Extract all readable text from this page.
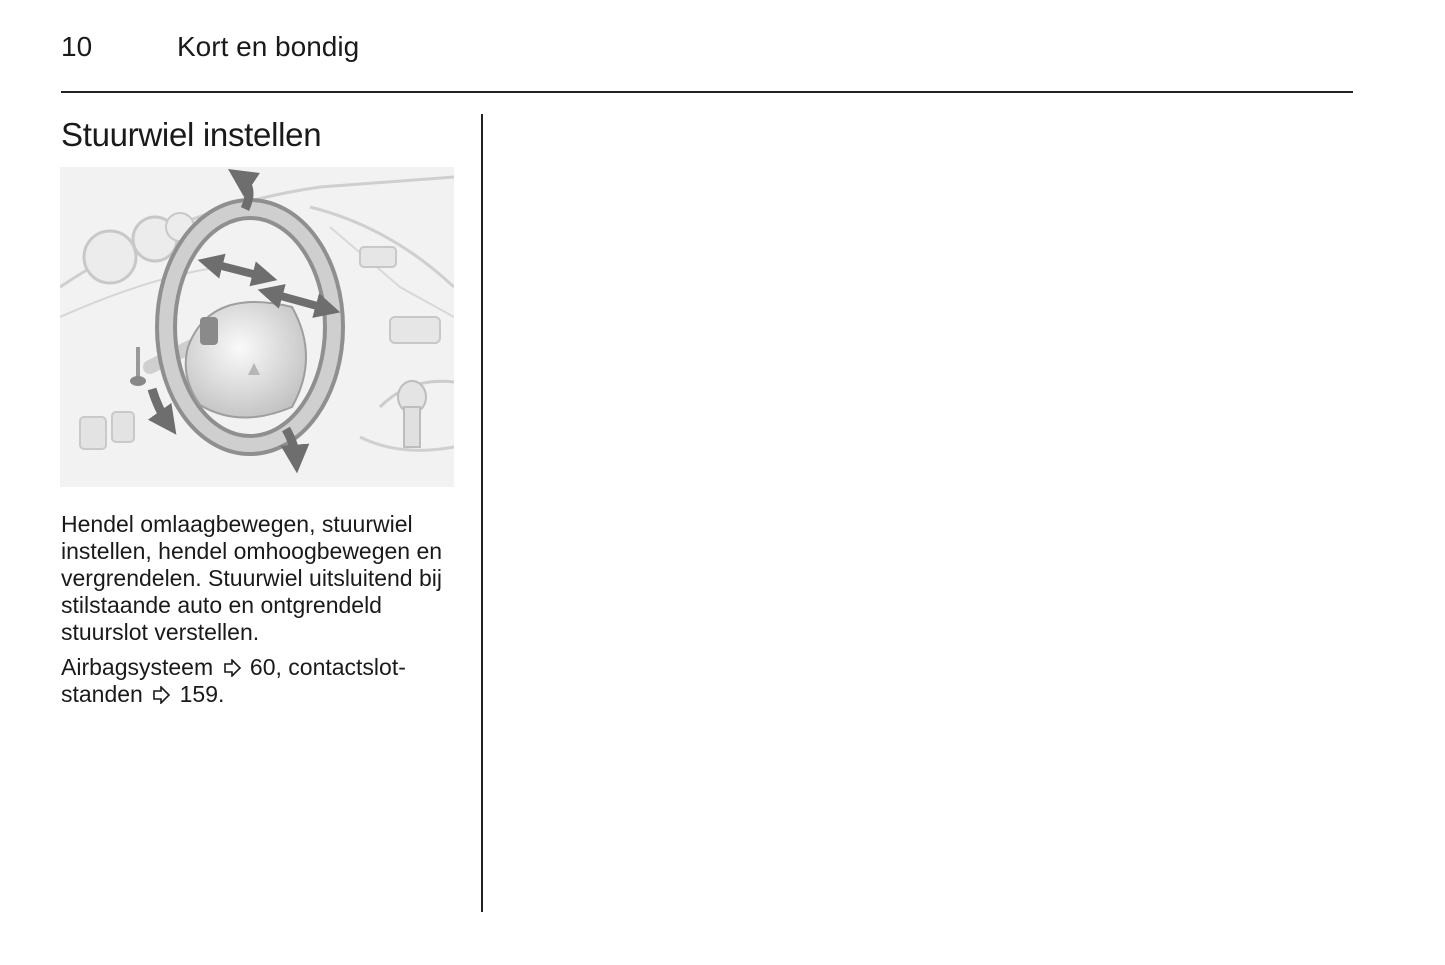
10	Kort en bondig
Stuurwiel instellen

Hendel omlaagbewegen, stuurwiel instellen, hendel omhoogbewegen en vergrendelen. Stuurwiel uitsluitend bij stilstaande auto en ontgrendeld stuurslot verstellen.

Airbagsysteem 60, contactslot-
standen 159.
